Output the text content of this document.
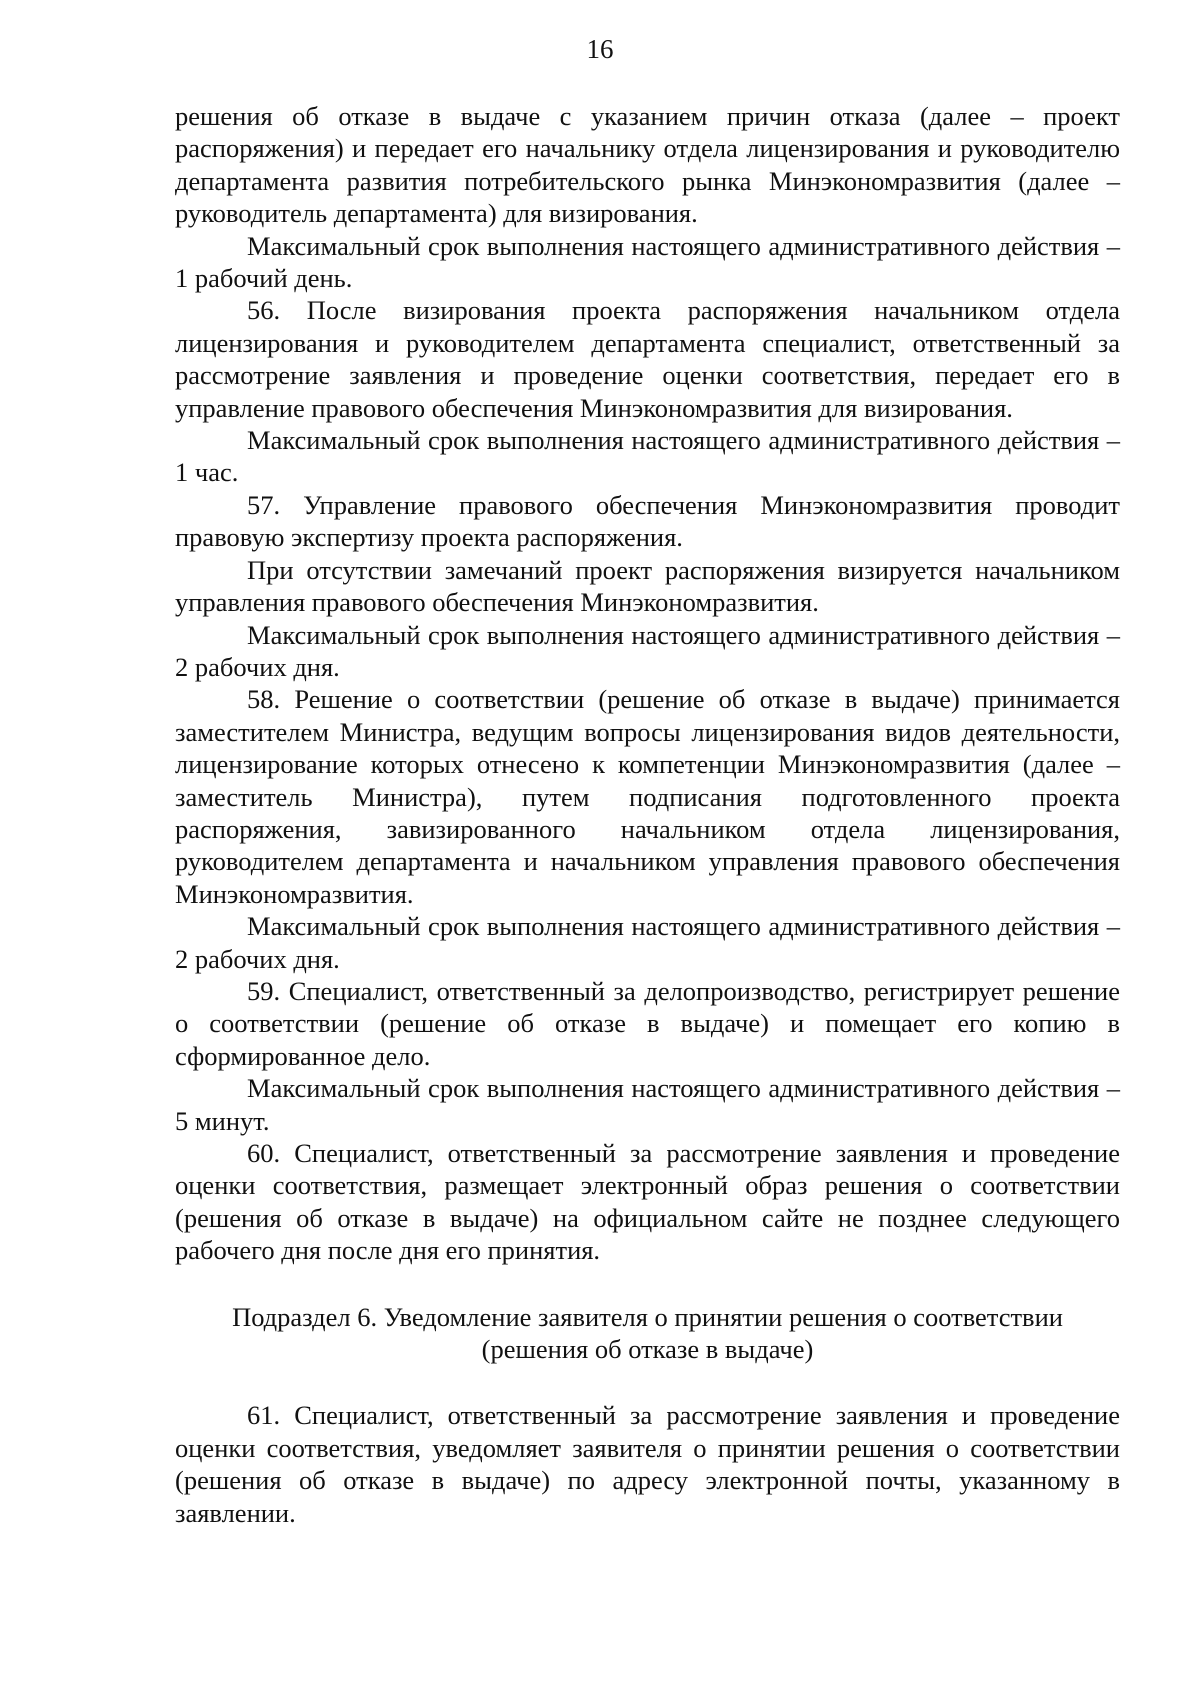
16

решения об отказе в выдаче с указанием причин отказа (далее – проект распоряжения) и передает его начальнику отдела лицензирования и руководителю департамента развития потребительского рынка Минэкономразвития (далее – руководитель департамента) для визирования.

Максимальный срок выполнения настоящего административного действия – 1 рабочий день.

56. После визирования проекта распоряжения начальником отдела лицензирования и руководителем департамента специалист, ответственный за рассмотрение заявления и проведение оценки соответствия, передает его в управление правового обеспечения Минэкономразвития для визирования.

Максимальный срок выполнения настоящего административного действия – 1 час.

57. Управление правового обеспечения Минэкономразвития проводит правовую экспертизу проекта распоряжения.

При отсутствии замечаний проект распоряжения визируется начальником управления правового обеспечения Минэкономразвития.

Максимальный срок выполнения настоящего административного действия – 2 рабочих дня.

58. Решение о соответствии (решение об отказе в выдаче) принимается заместителем Министра, ведущим вопросы лицензирования видов деятельности, лицензирование которых отнесено к компетенции Минэкономразвития (далее – заместитель Министра), путем подписания подготовленного проекта распоряжения, завизированного начальником отдела лицензирования, руководителем департамента и начальником управления правового обеспечения Минэкономразвития.

Максимальный срок выполнения настоящего административного действия – 2 рабочих дня.

59. Специалист, ответственный за делопроизводство, регистрирует решение о соответствии (решение об отказе в выдаче) и помещает его копию в сформированное дело.

Максимальный срок выполнения настоящего административного действия – 5 минут.

60. Специалист, ответственный за рассмотрение заявления и проведение оценки соответствия, размещает электронный образ решения о соответствии (решения об отказе в выдаче) на официальном сайте не позднее следующего рабочего дня после дня его принятия.

Подраздел 6. Уведомление заявителя о принятии решения о соответствии
(решения об отказе в выдаче)

61. Специалист, ответственный за рассмотрение заявления и проведение оценки соответствия, уведомляет заявителя о принятии решения о соответствии (решения об отказе в выдаче) по адресу электронной почты, указанному в заявлении.
